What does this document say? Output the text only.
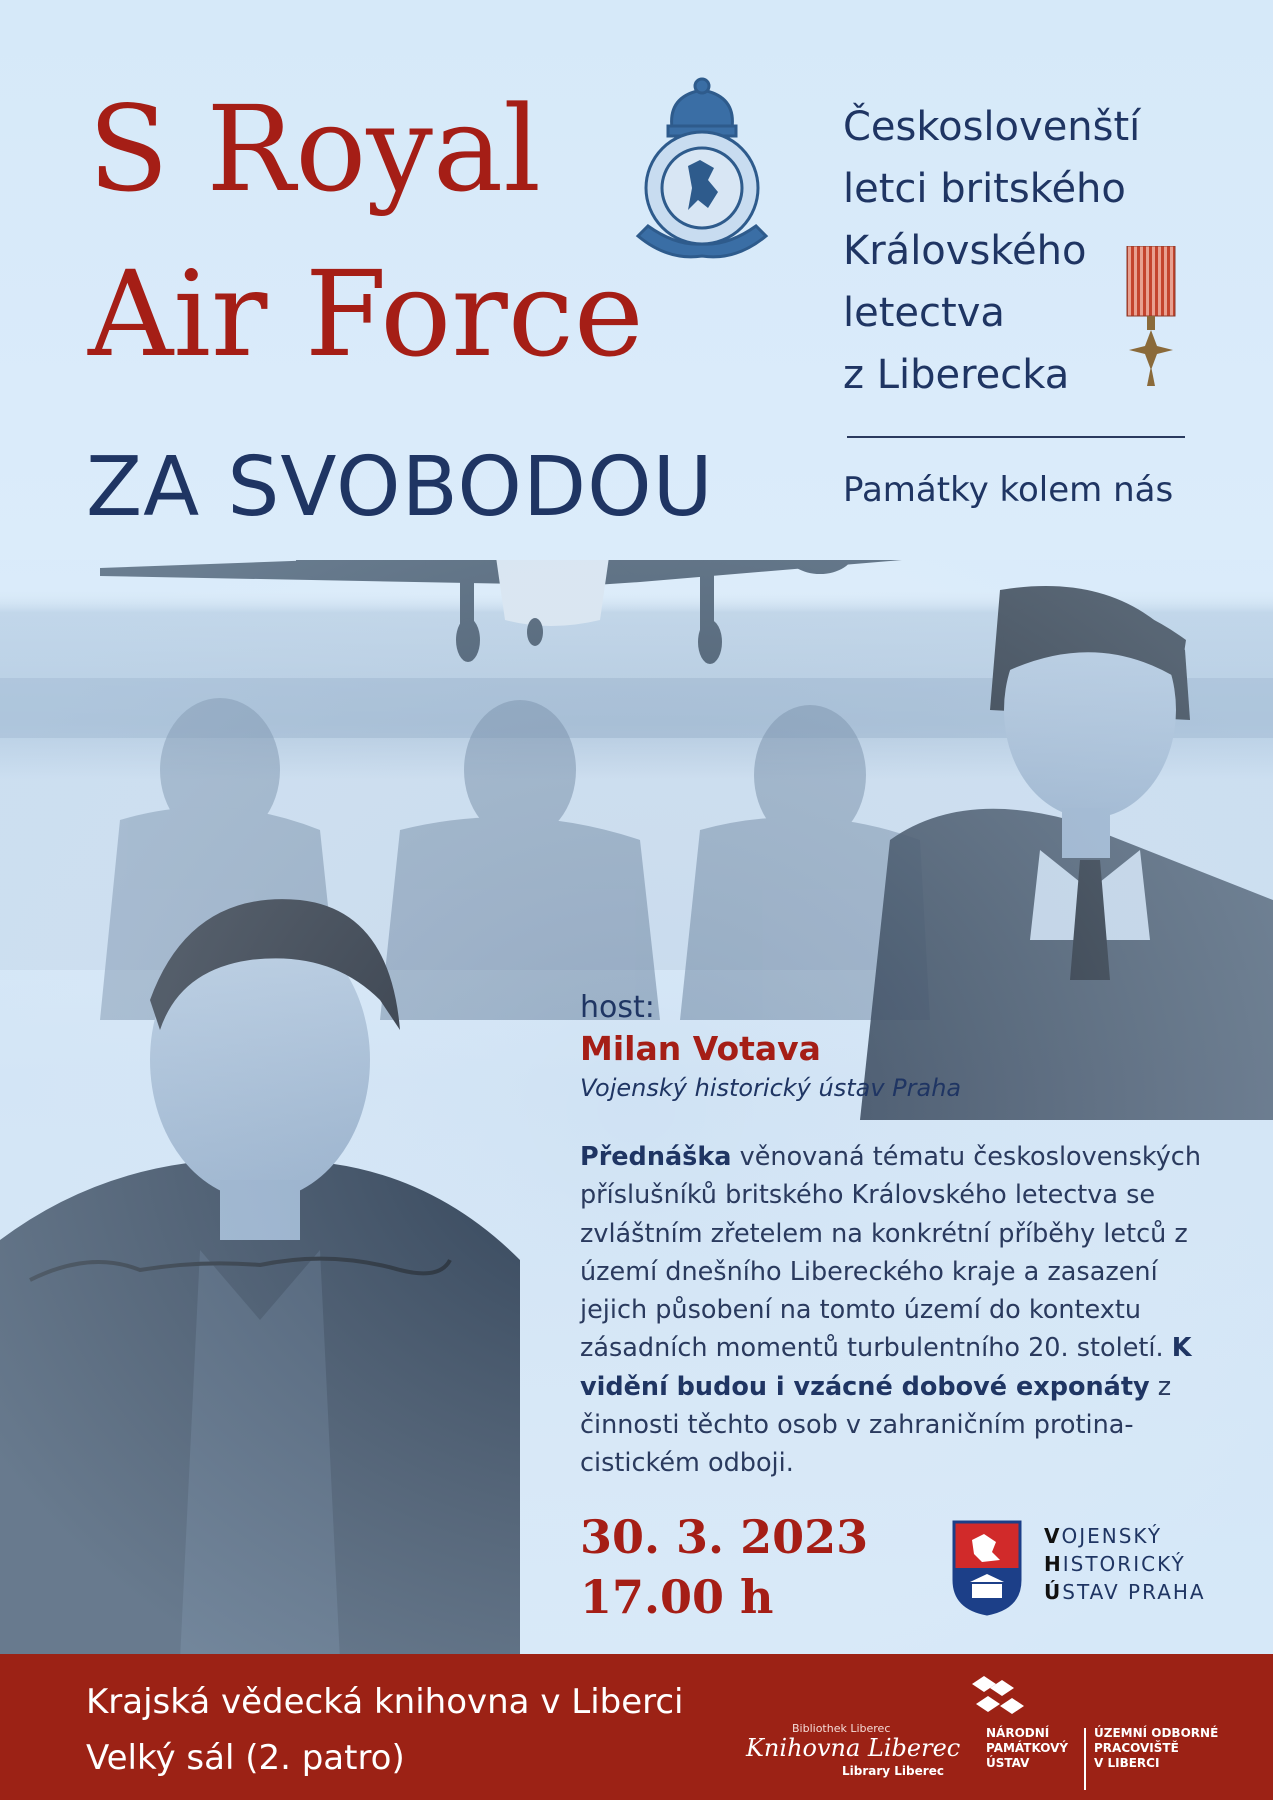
S Royal
Air Force
ZA SVOBODOU
Českoslovenští
letci britského
Královského
letectva
z Liberecka
Památky kolem nás
host:
Milan Votava
Vojenský historický ústav Praha
Přednáška věnovaná tématu československých příslušníků britského Královského letectva se zvláštním zřetelem na konkrétní příběhy letců z území dnešního Libereckého kraje a zasazení jejich působení na tomto území do kontextu zásadních momentů turbulentního 20. století. K vidění budou i vzácné dobové exponáty z činnosti těchto osob v zahraničním protina-cistickém odboji.
30. 3. 2023
17.00 h
VOJENSKÝ
HISTORICKÝ
ÚSTAV PRAHA
Krajská vědecká knihovna v Liberci
Velký sál (2. patro)
Bibliothek Liberec
Knihovna Liberec
Library Liberec
NÁRODNÍ
PAMÁTKOVÝ
ÚSTAV
ÚZEMNÍ ODBORNÉ
PRACOVIŠTĚ
V LIBERCI
